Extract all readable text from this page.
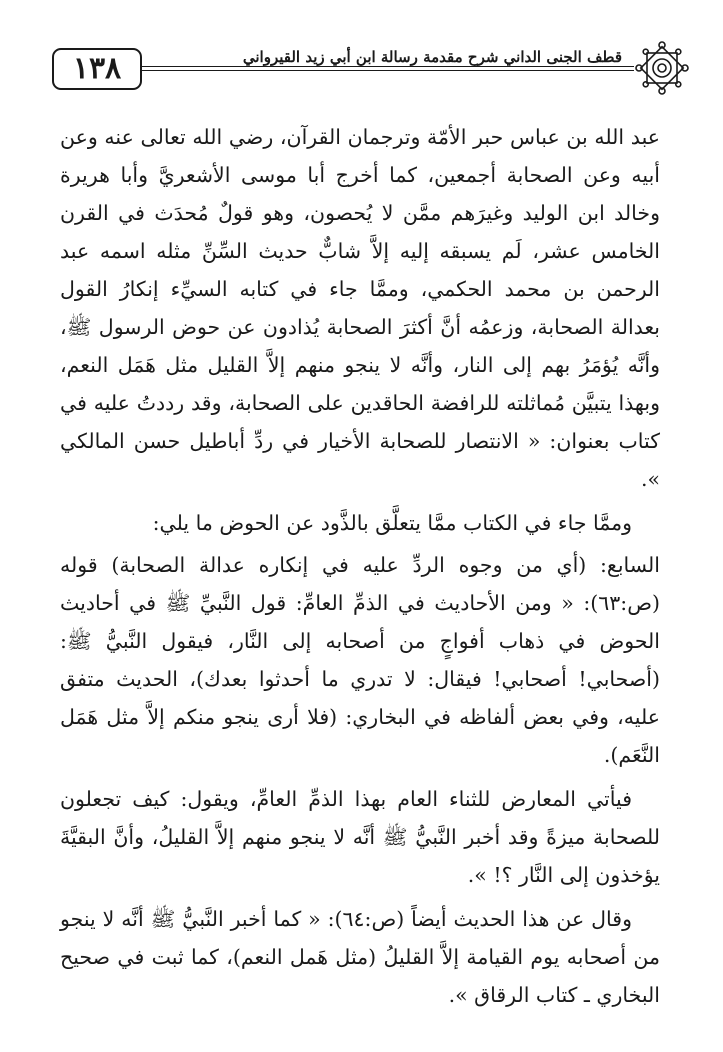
١٣٨	قطف الجنى الداني شرح مقدمة رسالة ابن أبي زيد القيرواني

عبد الله بن عباس حبر الأمّة وترجمان القرآن، رضي الله تعالى عنه وعن أبيه وعن الصحابة أجمعين، كما أخرج أبا موسى الأشعريَّ وأبا هريرة وخالد ابن الوليد وغيرَهم ممَّن لا يُحصون، وهو قولٌ مُحدَث في القرن الخامس عشر، لَم يسبقه إليه إلاَّ شابٌّ حديث السِّنِّ مثله اسمه عبد الرحمن بن محمد الحكمي، وممَّا جاء في كتابه السيِّء إنكارُ القول بعدالة الصحابة، وزعمُه أنَّ أكثرَ الصحابة يُذادون عن حوض الرسول ﷺ، وأنَّه يُؤمَرُ بهم إلى النار، وأنَّه لا ينجو منهم إلاَّ القليل مثل هَمَل النعم، وبهذا يتبيَّن مُماثلته للرافضة الحاقدين على الصحابة، وقد رددتُ عليه في كتاب بعنوان: « الانتصار للصحابة الأخيار في ردِّ أباطيل حسن المالكي ».

وممَّا جاء في الكتاب ممَّا يتعلَّق بالذَّود عن الحوض ما يلي:

السابع: (أي من وجوه الردِّ عليه في إنكاره عدالة الصحابة) قوله (ص:٦٣): « ومن الأحاديث في الذمِّ العامِّ: قول النَّبيِّ ﷺ في أحاديث الحوض في ذهاب أفواجٍ من أصحابه إلى النَّار، فيقول النَّبيُّ ﷺ: (أصحابي! أصحابي! فيقال: لا تدري ما أحدثوا بعدك)، الحديث متفق عليه، وفي بعض ألفاظه في البخاري: (فلا أرى ينجو منكم إلاَّ مثل هَمَل النَّعَم).

فيأتي المعارض للثناء العام بهذا الذمِّ العامِّ، ويقول: كيف تجعلون للصحابة ميزةً وقد أخبر النَّبيُّ ﷺ أنَّه لا ينجو منهم إلاَّ القليلُ، وأنَّ البقيَّةَ يؤخذون إلى النَّار ؟! ».

وقال عن هذا الحديث أيضاً (ص:٦٤): « كما أخبر النَّبيُّ ﷺ أنَّه لا ينجو من أصحابه يوم القيامة إلاَّ القليلُ (مثل هَمل النعم)، كما ثبت في صحيح البخاري ـ كتاب الرقاق ».
